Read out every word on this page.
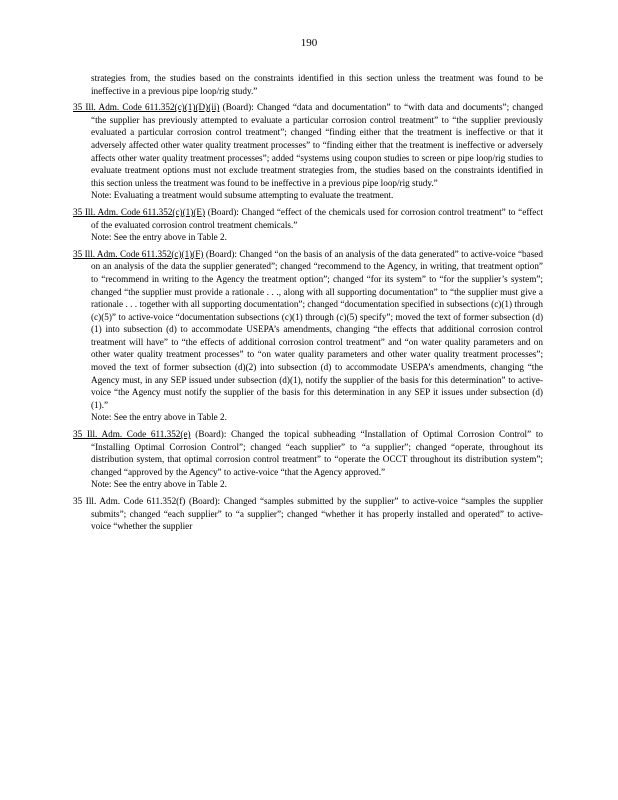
190
strategies from, the studies based on the constraints identified in this section unless the treatment was found to be ineffective in a previous pipe loop/rig study.”

35 Ill. Adm. Code 611.352(c)(1)(D)(ii) (Board): Changed “data and documentation” to “with data and documents”; changed “the supplier has previously attempted to evaluate a particular corrosion control treatment” to “the supplier previously evaluated a particular corrosion control treatment”; changed “finding either that the treatment is ineffective or that it adversely affected other water quality treatment processes” to “finding either that the treatment is ineffective or adversely affects other water quality treatment processes”; added “systems using coupon studies to screen or pipe loop/rig studies to evaluate treatment options must not exclude treatment strategies from, the studies based on the constraints identified in this section unless the treatment was found to be ineffective in a previous pipe loop/rig study.”

Note: Evaluating a treatment would subsume attempting to evaluate the treatment.

35 Ill. Adm. Code 611.352(c)(1)(E) (Board): Changed “effect of the chemicals used for corrosion control treatment” to “effect of the evaluated corrosion control treatment chemicals.”

Note: See the entry above in Table 2.

35 Ill. Adm. Code 611.352(c)(1)(F) (Board): Changed “on the basis of an analysis of the data generated” to active-voice “based on an analysis of the data the supplier generated”; changed “recommend to the Agency, in writing, that treatment option” to “recommend in writing to the Agency the treatment option”; changed “for its system” to “for the supplier’s system”; changed “the supplier must provide a rationale . . ., along with all supporting documentation” to “the supplier must give a rationale . . . together with all supporting documentation”; changed “documentation specified in subsections (c)(1) through (c)(5)” to active-voice “documentation subsections (c)(1) through (c)(5) specify”; moved the text of former subsection (d)(1) into subsection (d) to accommodate USEPA’s amendments, changing “the effects that additional corrosion control treatment will have” to “the effects of additional corrosion control treatment” and “on water quality parameters and on other water quality treatment processes” to “on water quality parameters and other water quality treatment processes”; moved the text of former subsection (d)(2) into subsection (d) to accommodate USEPA’s amendments, changing “the Agency must, in any SEP issued under subsection (d)(1), notify the supplier of the basis for this determination” to active-voice “the Agency must notify the supplier of the basis for this determination in any SEP it issues under subsection (d)(1).”

Note: See the entry above in Table 2.

35 Ill. Adm. Code 611.352(e) (Board): Changed the topical subheading “Installation of Optimal Corrosion Control” to “Installing Optimal Corrosion Control”; changed “each supplier” to “a supplier”; changed “operate, throughout its distribution system, that optimal corrosion control treatment” to “operate the OCCT throughout its distribution system”; changed “approved by the Agency” to active-voice “that the Agency approved.”

Note: See the entry above in Table 2.

35 Ill. Adm. Code 611.352(f) (Board): Changed “samples submitted by the supplier” to active-voice “samples the supplier submits”; changed “each supplier” to “a supplier”; changed “whether it has properly installed and operated” to active-voice “whether the supplier
